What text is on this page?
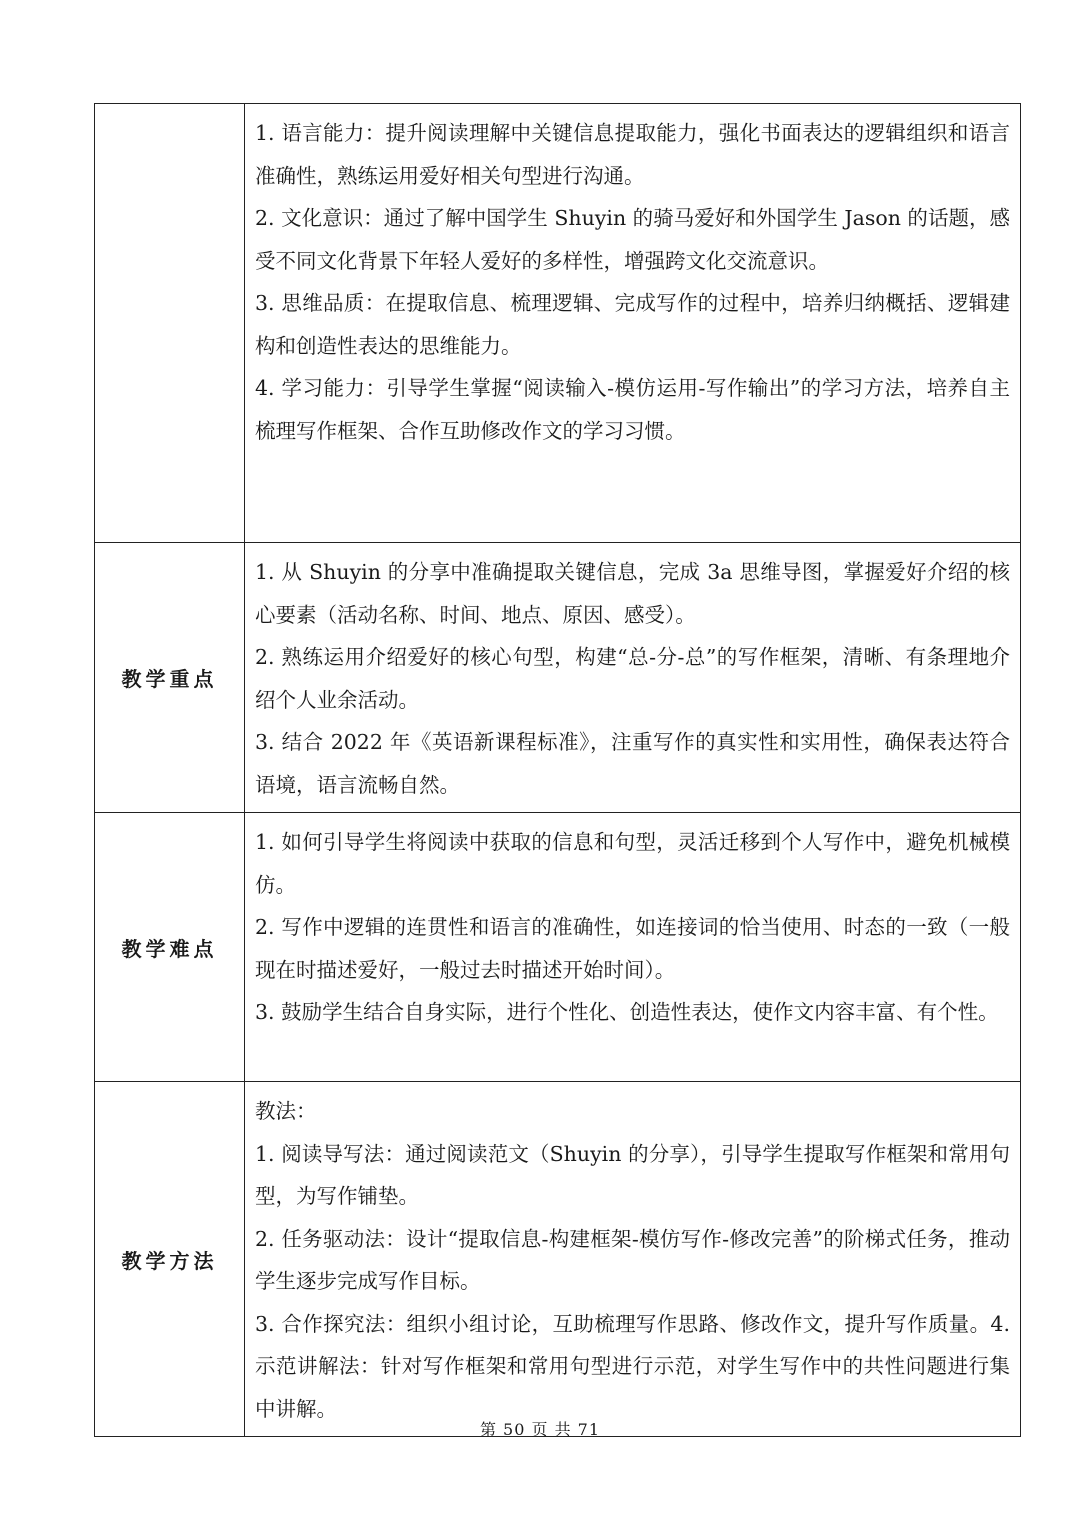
	1. 语言能力：提升阅读理解中关键信息提取能力，强化书面表达的逻辑组织和语言准确性，熟练运用爱好相关句型进行沟通。

2. 文化意识：通过了解中国学生 Shuyin 的骑马爱好和外国学生 Jason 的话题，感受不同文化背景下年轻人爱好的多样性，增强跨文化交流意识。

3. 思维品质：在提取信息、梳理逻辑、完成写作的过程中，培养归纳概括、逻辑建构和创造性表达的思维能力。

4. 学习能力：引导学生掌握“阅读输入-模仿运用-写作输出”的学习方法，培养自主梳理写作框架、合作互助修改作文的学习习惯。

教学重点	1. 从 Shuyin 的分享中准确提取关键信息，完成 3a 思维导图，掌握爱好介绍的核心要素（活动名称、时间、地点、原因、感受）。

2. 熟练运用介绍爱好的核心句型，构建“总-分-总”的写作框架，清晰、有条理地介绍个人业余活动。

3. 结合 2022 年《英语新课程标准》，注重写作的真实性和实用性，确保表达符合语境，语言流畅自然。

教学难点	1. 如何引导学生将阅读中获取的信息和句型，灵活迁移到个人写作中，避免机械模仿。

2. 写作中逻辑的连贯性和语言的准确性，如连接词的恰当使用、时态的一致（一般现在时描述爱好，一般过去时描述开始时间）。

3. 鼓励学生结合自身实际，进行个性化、创造性表达，使作文内容丰富、有个性。

教学方法	教法：

1. 阅读导写法：通过阅读范文（Shuyin 的分享），引导学生提取写作框架和常用句型，为写作铺垫。

2. 任务驱动法：设计“提取信息-构建框架-模仿写作-修改完善”的阶梯式任务，推动学生逐步完成写作目标。

3. 合作探究法：组织小组讨论，互助梳理写作思路、修改作文，提升写作质量。4. 示范讲解法：针对写作框架和常用句型进行示范，对学生写作中的共性问题进行集中讲解。

第 50 页 共 71
